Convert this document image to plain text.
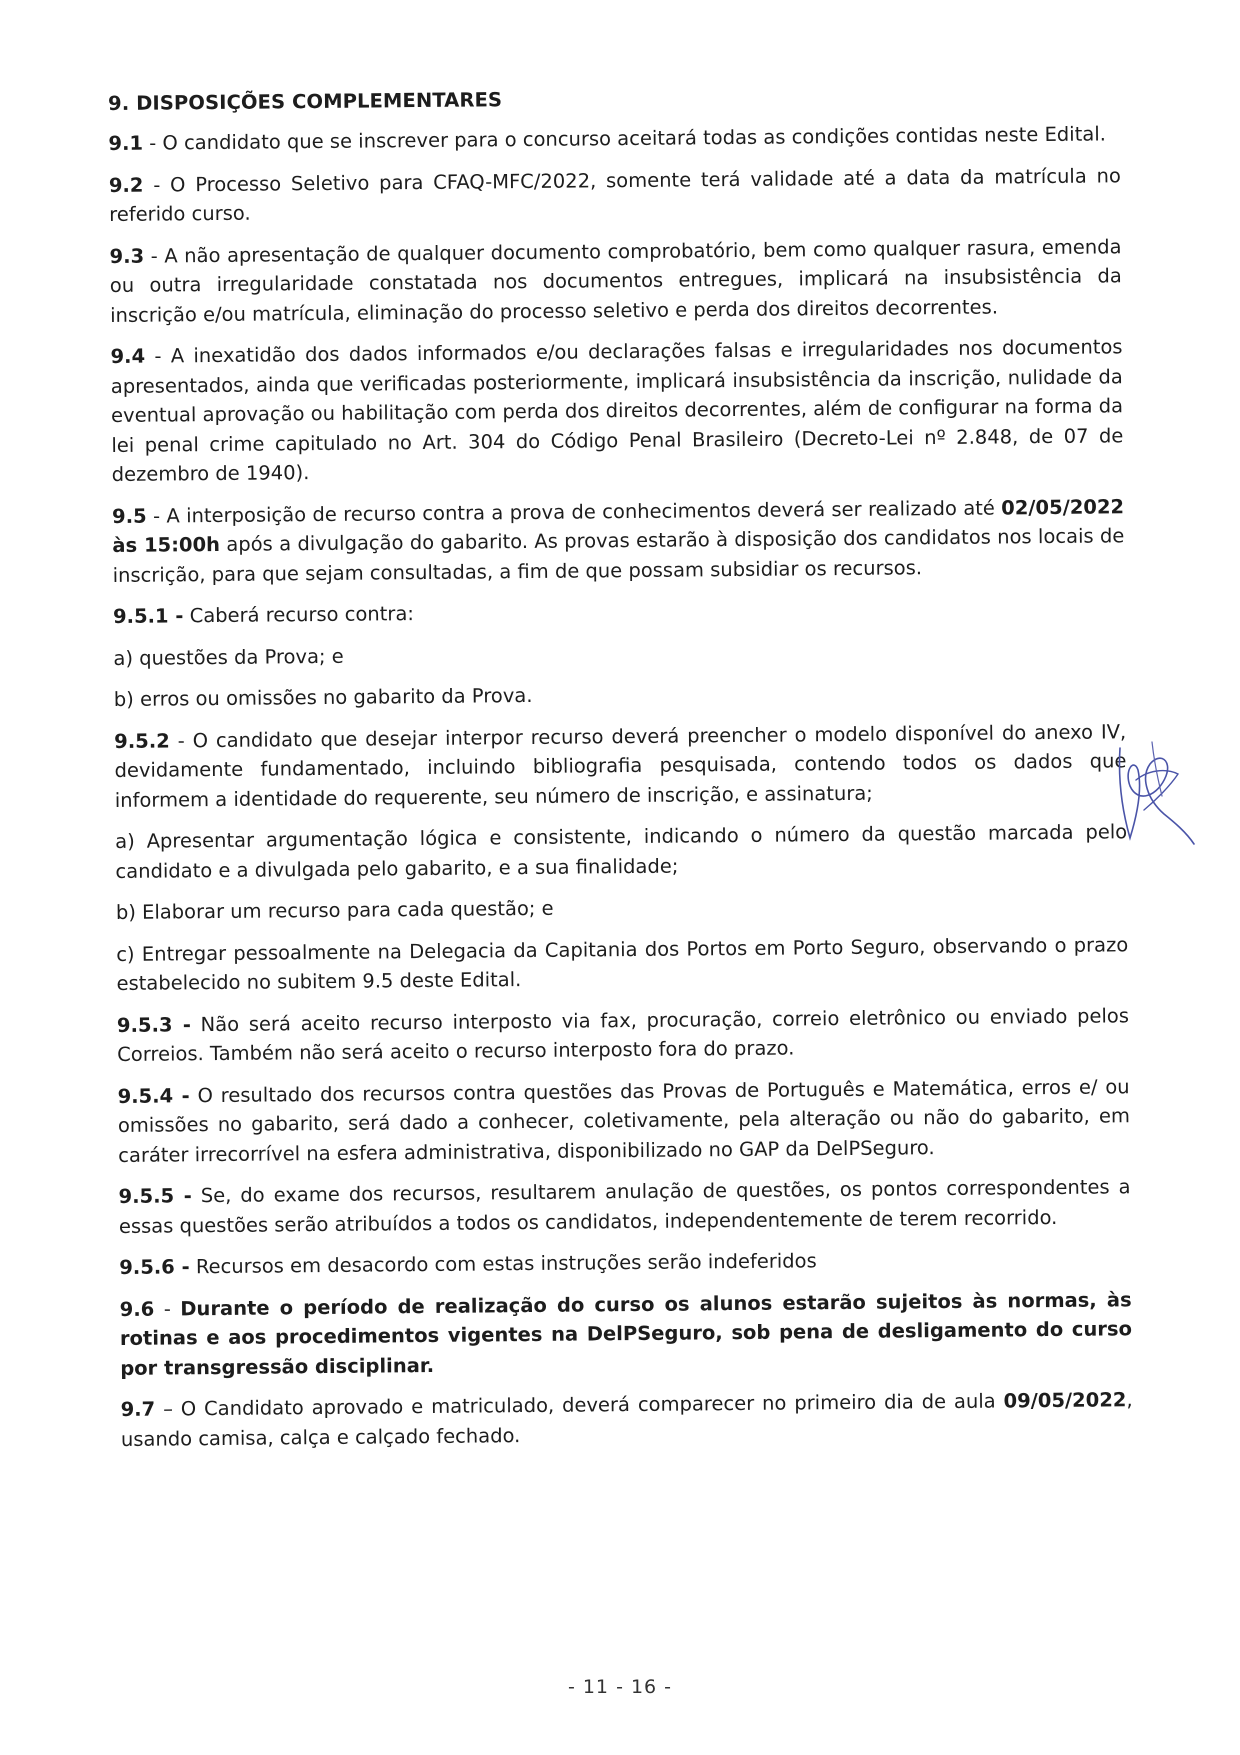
9. DISPOSIÇÕES COMPLEMENTARES

9.1 - O candidato que se inscrever para o concurso aceitará todas as condições contidas neste Edital.

9.2 - O Processo Seletivo para CFAQ-MFC/2022, somente terá validade até a data da matrícula no referido curso.

9.3 - A não apresentação de qualquer documento comprobatório, bem como qualquer rasura, emenda ou outra irregularidade constatada nos documentos entregues, implicará na insubsistência da inscrição e/ou matrícula, eliminação do processo seletivo e perda dos direitos decorrentes.

9.4 - A inexatidão dos dados informados e/ou declarações falsas e irregularidades nos documentos apresentados, ainda que verificadas posteriormente, implicará insubsistência da inscrição, nulidade da eventual aprovação ou habilitação com perda dos direitos decorrentes, além de configurar na forma da lei penal crime capitulado no Art. 304 do Código Penal Brasileiro (Decreto-Lei nº 2.848, de 07 de dezembro de 1940).

9.5 - A interposição de recurso contra a prova de conhecimentos deverá ser realizado até 02/05/2022 às 15:00h após a divulgação do gabarito. As provas estarão à disposição dos candidatos nos locais de inscrição, para que sejam consultadas, a fim de que possam subsidiar os recursos.

9.5.1 - Caberá recurso contra:

a) questões da Prova; e

b) erros ou omissões no gabarito da Prova.

9.5.2 - O candidato que desejar interpor recurso deverá preencher o modelo disponível do anexo IV, devidamente fundamentado, incluindo bibliografia pesquisada, contendo todos os dados que informem a identidade do requerente, seu número de inscrição, e assinatura;

a) Apresentar argumentação lógica e consistente, indicando o número da questão marcada pelo candidato e a divulgada pelo gabarito, e a sua finalidade;

b) Elaborar um recurso para cada questão; e

c) Entregar pessoalmente na Delegacia da Capitania dos Portos em Porto Seguro, observando o prazo estabelecido no subitem 9.5 deste Edital.

9.5.3 - Não será aceito recurso interposto via fax, procuração, correio eletrônico ou enviado pelos Correios. Também não será aceito o recurso interposto fora do prazo.

9.5.4 - O resultado dos recursos contra questões das Provas de Português e Matemática, erros e/ ou omissões no gabarito, será dado a conhecer, coletivamente, pela alteração ou não do gabarito, em caráter irrecorrível na esfera administrativa, disponibilizado no GAP da DelPSeguro.

9.5.5 - Se, do exame dos recursos, resultarem anulação de questões, os pontos correspondentes a essas questões serão atribuídos a todos os candidatos, independentemente de terem recorrido.

9.5.6 - Recursos em desacordo com estas instruções serão indeferidos

9.6 - Durante o período de realização do curso os alunos estarão sujeitos às normas, às rotinas e aos procedimentos vigentes na DelPSeguro, sob pena de desligamento do curso por transgressão disciplinar.

9.7 – O Candidato aprovado e matriculado, deverá comparecer no primeiro dia de aula 09/05/2022, usando camisa, calça e calçado fechado.

- 11 - 16 -
